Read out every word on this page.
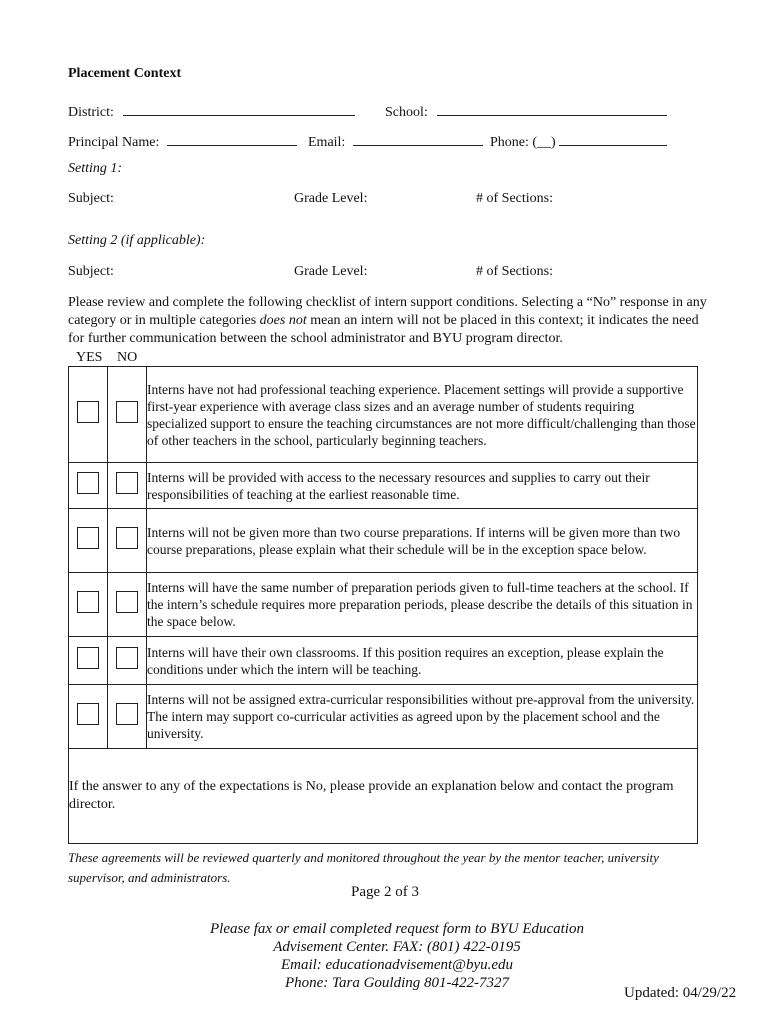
Placement Context
District:	School:
Principal Name:	Email:	Phone: (__)
Setting 1:
Subject:	Grade Level:	# of Sections:
Setting 2 (if applicable):
Subject:	Grade Level:	# of Sections:
Please review and complete the following checklist of intern support conditions. Selecting a “No” response in any category or in multiple categories does not mean an intern will not be placed in this context; it indicates the need for further communication between the school administrator and BYU program director.
YES NO
		Interns have not had professional teaching experience. Placement settings will provide a supportive first-year experience with average class sizes and an average number of students requiring specialized support to ensure the teaching circumstances are not more difficult/challenging than those of other teachers in the school, particularly beginning teachers.
		Interns will be provided with access to the necessary resources and supplies to carry out their responsibilities of teaching at the earliest reasonable time.
		Interns will not be given more than two course preparations. If interns will be given more than two course preparations, please explain what their schedule will be in the exception space below.
		Interns will have the same number of preparation periods given to full-time teachers at the school. If the intern’s schedule requires more preparation periods, please describe the details of this situation in the space below.
		Interns will have their own classrooms. If this position requires an exception, please explain the conditions under which the intern will be teaching.
		Interns will not be assigned extra-curricular responsibilities without pre-approval from the university. The intern may support co-curricular activities as agreed upon by the placement school and the university.
If the answer to any of the expectations is No, please provide an explanation below and contact the program director.		
These agreements will be reviewed quarterly and monitored throughout the year by the mentor teacher, university supervisor, and administrators.
Page 2 of 3
Please fax or email completed request form to BYU Education
Advisement Center. FAX: (801) 422-0195
Email: educationadvisement@byu.edu
Phone: Tara Goulding 801-422-7327
Updated: 04/29/22
